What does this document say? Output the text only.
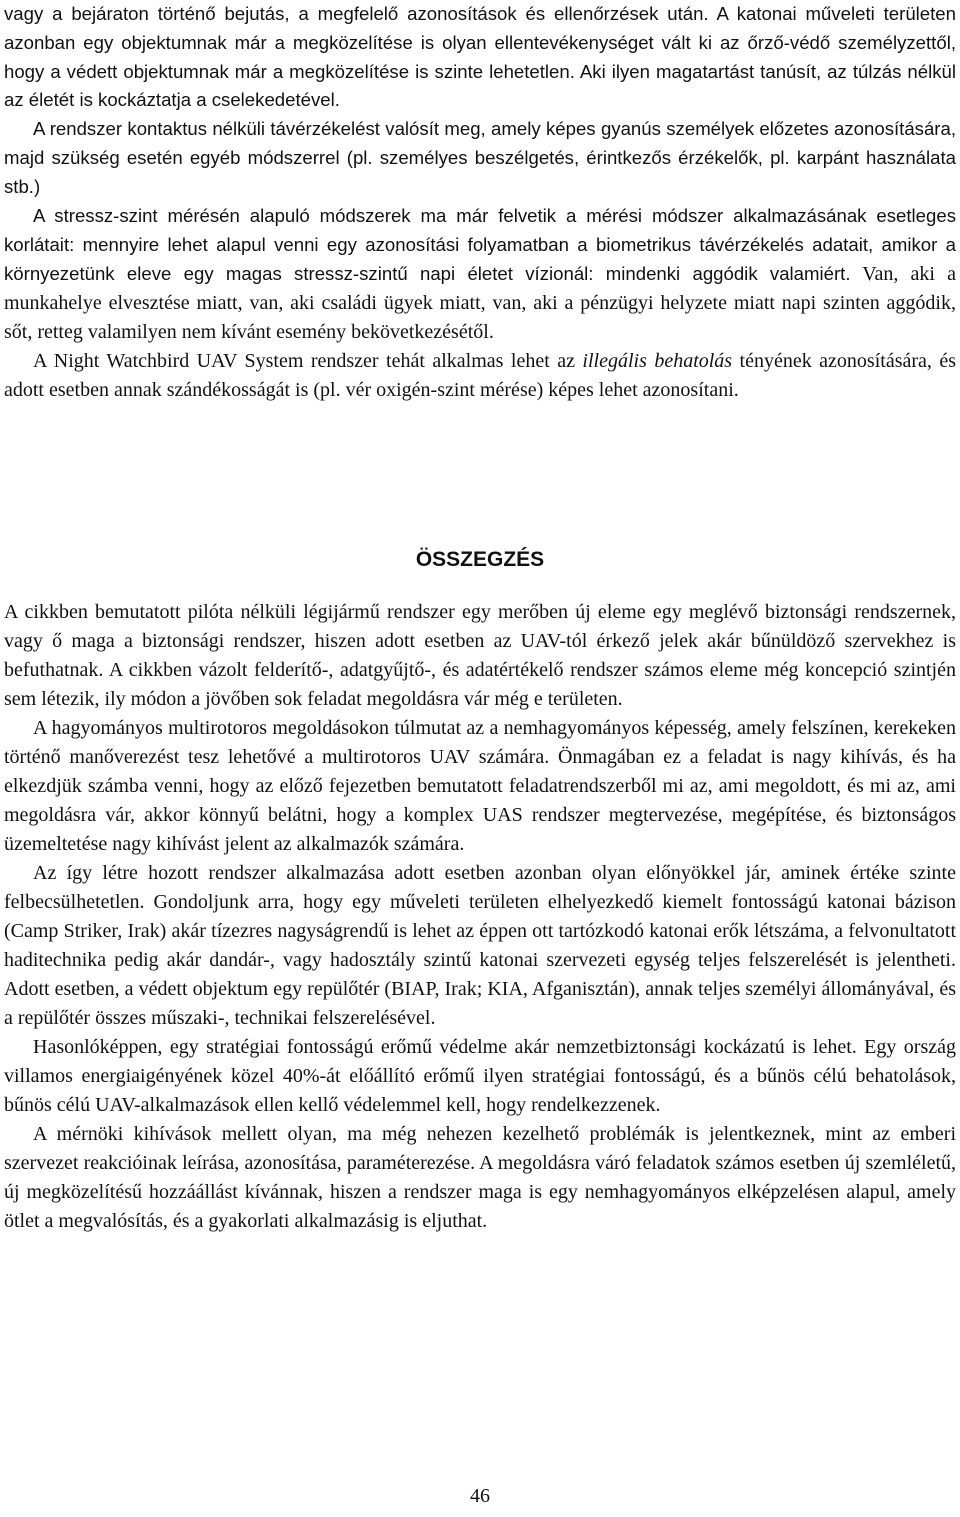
vagy a bejáraton történő bejutás, a megfelelő azonosítások és ellenőrzések után. A katonai műveleti területen azonban egy objektumnak már a megközelítése is olyan ellentevékenységet vált ki az őrző-védő személyzettől, hogy a védett objektumnak már a megközelítése is szinte lehetetlen. Aki ilyen magatartást tanúsít, az túlzás nélkül az életét is kockáztatja a cselekedetével.

A rendszer kontaktus nélküli távérzékelést valósít meg, amely képes gyanús személyek előzetes azonosítására, majd szükség esetén egyéb módszerrel (pl. személyes beszélgetés, érintkezős érzékelők, pl. karpánt használata stb.)

A stressz-szint mérésén alapuló módszerek ma már felvetik a mérési módszer alkalmazásának esetleges korlátait: mennyire lehet alapul venni egy azonosítási folyamatban a biometrikus távérzékelés adatait, amikor a környezetünk eleve egy magas stressz-szintű napi életet vízionál: mindenki aggódik valamiért. Van, aki a munkahelye elvesztése miatt, van, aki családi ügyek miatt, van, aki a pénzügyi helyzete miatt napi szinten aggódik, sőt, retteg valamilyen nem kívánt esemény bekövetkezésétől.

A Night Watchbird UAV System rendszer tehát alkalmas lehet az illegális behatolás tényének azonosítására, és adott esetben annak szándékosságát is (pl. vér oxigén-szint mérése) képes lehet azonosítani.

ÖSSZEGZÉS

A cikkben bemutatott pilóta nélküli légijármű rendszer egy merőben új eleme egy meglévő biztonsági rendszernek, vagy ő maga a biztonsági rendszer, hiszen adott esetben az UAV-tól érkező jelek akár bűnüldöző szervekhez is befuthatnak. A cikkben vázolt felderítő-, adatgyűjtő-, és adatértékelő rendszer számos eleme még koncepció szintjén sem létezik, ily módon a jövőben sok feladat megoldásra vár még e területen.

A hagyományos multirotoros megoldásokon túlmutat az a nemhagyományos képesség, amely felszínen, kerekeken történő manőverezést tesz lehetővé a multirotoros UAV számára. Önmagában ez a feladat is nagy kihívás, és ha elkezdjük számba venni, hogy az előző fejezetben bemutatott feladatrendszerből mi az, ami megoldott, és mi az, ami megoldásra vár, akkor könnyű belátni, hogy a komplex UAS rendszer megtervezése, megépítése, és biztonságos üzemeltetése nagy kihívást jelent az alkalmazók számára.

Az így létre hozott rendszer alkalmazása adott esetben azonban olyan előnyökkel jár, aminek értéke szinte felbecsülhetetlen. Gondoljunk arra, hogy egy műveleti területen elhelyezkedő kiemelt fontosságú katonai bázison (Camp Striker, Irak) akár tízezres nagyságrendű is lehet az éppen ott tartózkodó katonai erők létszáma, a felvonultatott haditechnika pedig akár dandár-, vagy hadosztály szintű katonai szervezeti egység teljes felszerelését is jelentheti. Adott esetben, a védett objektum egy repülőtér (BIAP, Irak; KIA, Afganisztán), annak teljes személyi állományával, és a repülőtér összes műszaki-, technikai felszerelésével.

Hasonlóképpen, egy stratégiai fontosságú erőmű védelme akár nemzetbiztonsági kockázatú is lehet. Egy ország villamos energiaigényének közel 40%-át előállító erőmű ilyen stratégiai fontosságú, és a bűnös célú behatolások, bűnös célú UAV-alkalmazások ellen kellő védelemmel kell, hogy rendelkezzenek.

A mérnöki kihívások mellett olyan, ma még nehezen kezelhető problémák is jelentkeznek, mint az emberi szervezet reakcióinak leírása, azonosítása, paraméterezése. A megoldásra váró feladatok számos esetben új szemléletű, új megközelítésű hozzáállást kívánnak, hiszen a rendszer maga is egy nemhagyományos elképzelésen alapul, amely ötlet a megvalósítás, és a gyakorlati alkalmazásig is eljuthat.

46
